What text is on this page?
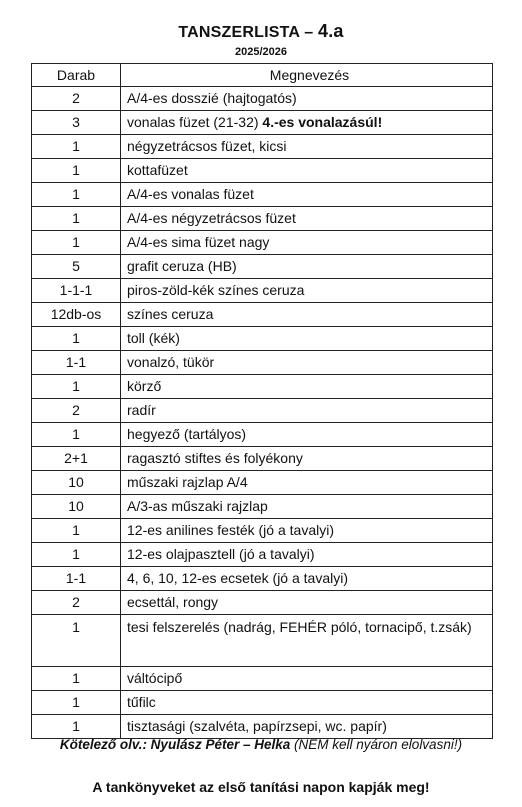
TANSZERLISTA – 4.a
2025/2026
Darab	Megnevezés
2	A/4-es dosszié (hajtogatós)
3	vonalas füzet (21-32) 4.-es vonalazásúl!
1	négyzetrácsos füzet, kicsi
1	kottafüzet
1	A/4-es vonalas füzet
1	A/4-es négyzetrácsos füzet
1	A/4-es sima füzet nagy
5	grafit ceruza (HB)
1-1-1	piros-zöld-kék színes ceruza
12db-os	színes ceruza
1	toll (kék)
1-1	vonalzó, tükör
1	körző
2	radír
1	hegyező (tartályos)
2+1	ragasztó stiftes és folyékony
10	műszaki rajzlap A/4
10	A/3-as műszaki rajzlap
1	12-es anilines festék (jó a tavalyi)
1	12-es olajpasztell (jó a tavalyi)
1-1	4, 6, 10, 12-es ecsetek (jó a tavalyi)
2	ecsettál, rongy
1	tesi felszerelés (nadrág, FEHÉR póló, tornacipő, t.zsák)
1	váltócipő
1	tűfilc
1	tisztasági (szalvéta, papírzsepi, wc. papír)
Kötelező olv.: Nyulász Péter – Helka (NEM kell nyáron elolvasni!)
A tankönyveket az első tanítási napon kapják meg!
